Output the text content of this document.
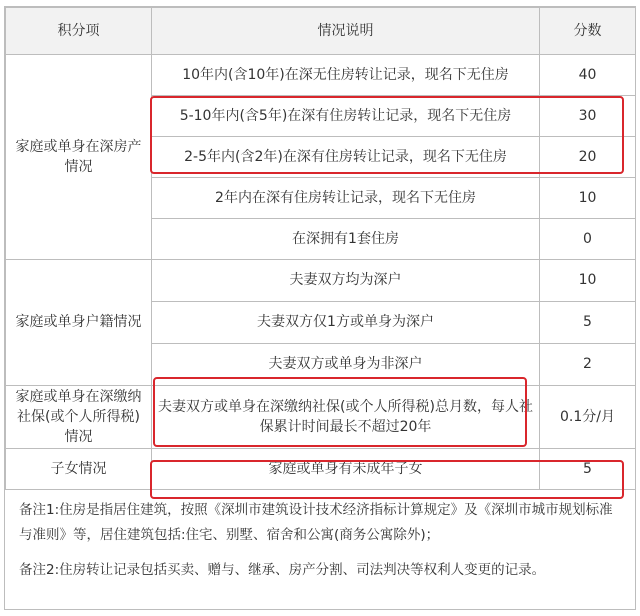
积分项	情况说明	分数
家庭或单身在深房产情况	10年内(含10年)在深无住房转让记录，现名下无住房	40
	5-10年内(含5年)在深有住房转让记录，现名下无住房	30
	2-5年内(含2年)在深有住房转让记录，现名下无住房	20
	2年内在深有住房转让记录，现名下无住房	10
	在深拥有1套住房	0
家庭或单身户籍情况	夫妻双方均为深户	10
	夫妻双方仅1方或单身为深户	5
	夫妻双方或单身为非深户	2
家庭或单身在深缴纳社保(或个人所得税)情况	夫妻双方或单身在深缴纳社保(或个人所得税)总月数，每人社保累计时间最长不超过20年	0.1分/月
子女情况	家庭或单身有未成年子女	5

备注1:住房是指居住建筑，按照《深圳市建筑设计技术经济指标计算规定》及《深圳市城市规划标准与准则》等，居住建筑包括:住宅、别墅、宿舍和公寓(商务公寓除外)；

备注2:住房转让记录包括买卖、赠与、继承、房产分割、司法判决等权利人变更的记录。
